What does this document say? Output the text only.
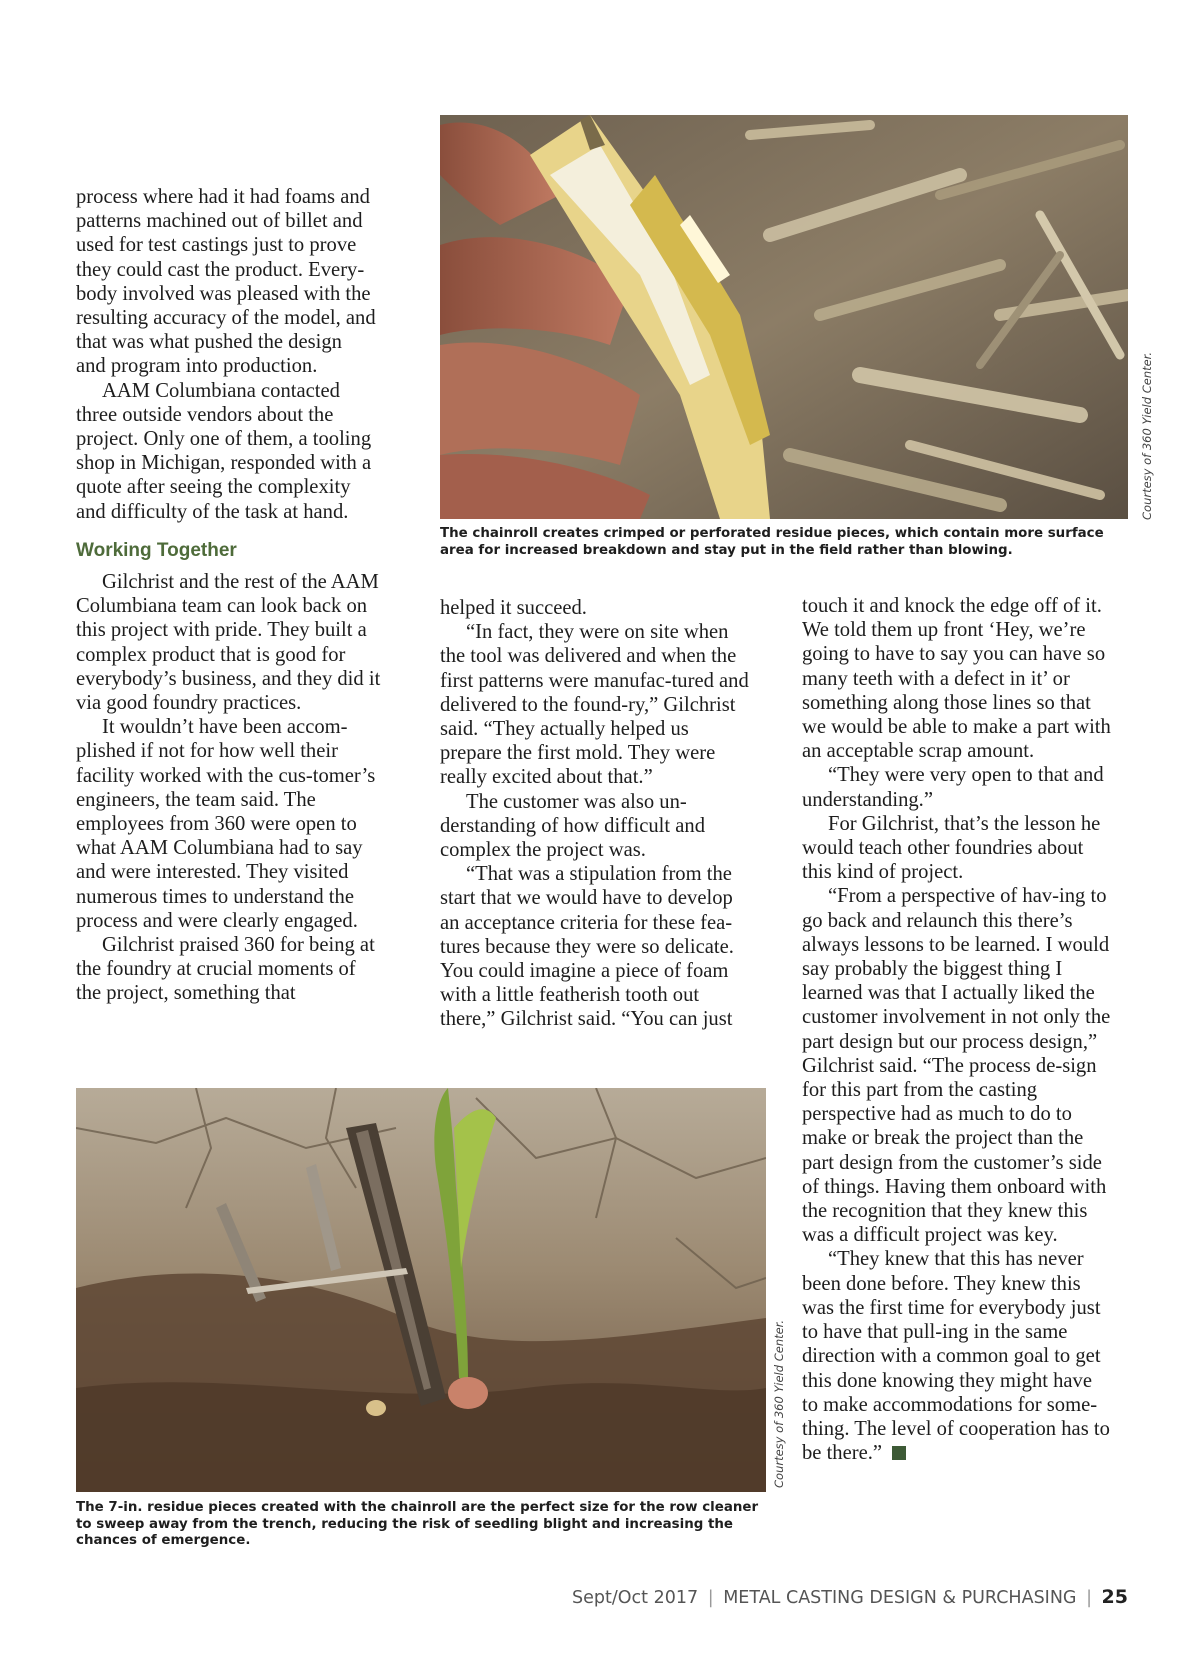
process where had it had foams and patterns machined out of billet and used for test castings just to prove they could cast the product. Every-body involved was pleased with the resulting accuracy of the model, and that was what pushed the design and program into production.

AAM Columbiana contacted three outside vendors about the project. Only one of them, a tooling shop in Michigan, responded with a quote after seeing the complexity and difficulty of the task at hand.

Working Together

Gilchrist and the rest of the AAM Columbiana team can look back on this project with pride. They built a complex product that is good for everybody’s business, and they did it via good foundry practices.

It wouldn’t have been accom-plished if not for how well their facility worked with the cus-tomer’s engineers, the team said. The employees from 360 were open to what AAM Columbiana had to say and were interested. They visited numerous times to understand the process and were clearly engaged.

Gilchrist praised 360 for being at the foundry at crucial moments of the project, something that

helped it succeed.

“In fact, they were on site when the tool was delivered and when the first patterns were manufac-tured and delivered to the found-ry,” Gilchrist said. “They actually helped us prepare the first mold. They were really excited about that.”

The customer was also un-derstanding of how difficult and complex the project was.

“That was a stipulation from the start that we would have to develop an acceptance criteria for these fea-tures because they were so delicate. You could imagine a piece of foam with a little featherish tooth out there,” Gilchrist said. “You can just

touch it and knock the edge off of it. We told them up front ‘Hey, we’re going to have to say you can have so many teeth with a defect in it’ or something along those lines so that we would be able to make a part with an acceptable scrap amount.

“They were very open to that and understanding.”

For Gilchrist, that’s the lesson he would teach other foundries about this kind of project.

“From a perspective of hav-ing to go back and relaunch this there’s always lessons to be learned. I would say probably the biggest thing I learned was that I actually liked the customer involvement in not only the part design but our process design,” Gilchrist said. “The process de-sign for this part from the casting perspective had as much to do to make or break the project than the part design from the customer’s side of things. Having them onboard with the recognition that they knew this was a difficult project was key.

“They knew that this has never been done before. They knew this was the first time for everybody just to have that pull-ing in the same direction with a common goal to get this done knowing they might have to make accommodations for some-thing. The level of cooperation has to be there.”

The chainroll creates crimped or perforated residue pieces, which contain more surface area for increased breakdown and stay put in the field rather than blowing.
Courtesy of 360 Yield Center.
The 7-in. residue pieces created with the chainroll are the perfect size for the row cleaner to sweep away from the trench, reducing the risk of seedling blight and increasing the chances of emergence.
Courtesy of 360 Yield Center.
Sept/Oct 2017 | METAL CASTING DESIGN & PURCHASING | 25
